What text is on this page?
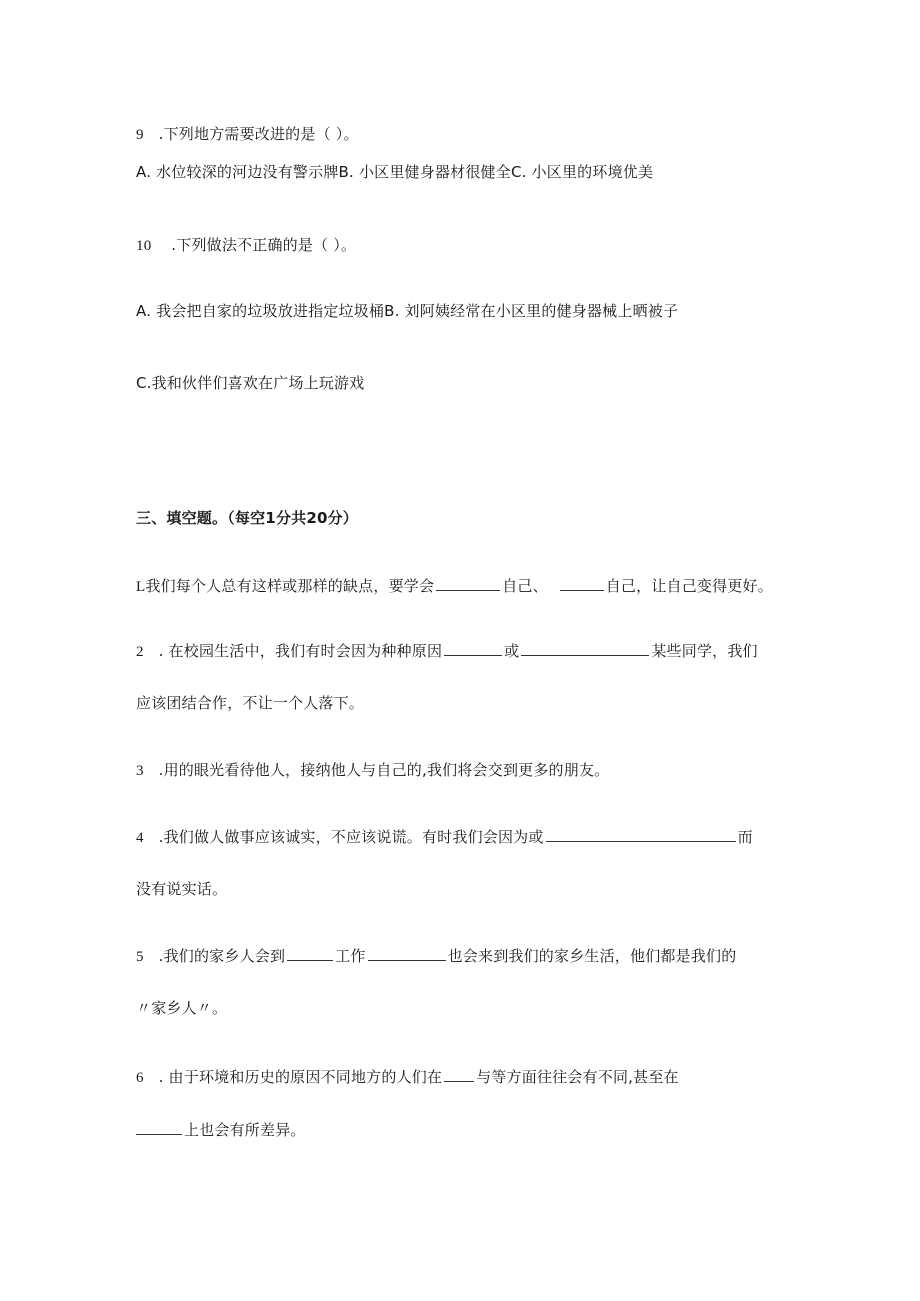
9 .下列地方需要改进的是（ ）。
A. 水位较深的河边没有警示牌B. 小区里健身器材很健全C. 小区里的环境优美
10 .下列做法不正确的是（ ）。
A. 我会把自家的垃圾放进指定垃圾桶B. 刘阿姨经常在小区里的健身器械上晒被子
C.我和伙伴们喜欢在广场上玩游戏
三、填空题。（每空1分共20分）
L我们每个人总有这样或那样的缺点，要学会	自己、	自己，让自己变得更好。
2 . 在校园生活中，我们有时会因为种种原因	或	某些同学，我们
应该团结合作，不让一个人落下。
3 .用的眼光看待他人，接纳他人与自己的,我们将会交到更多的朋友。
4 .我们做人做事应该诚实，不应该说谎。有时我们会因为或	而
没有说实话。
5 .我们的家乡人会到	工作	也会来到我们的家乡生活，他们都是我们的
〃家乡人〃。
6 . 由于环境和历史的原因不同地方的人们在 与等方面往往会有不同,甚至在
上也会有所差异。
